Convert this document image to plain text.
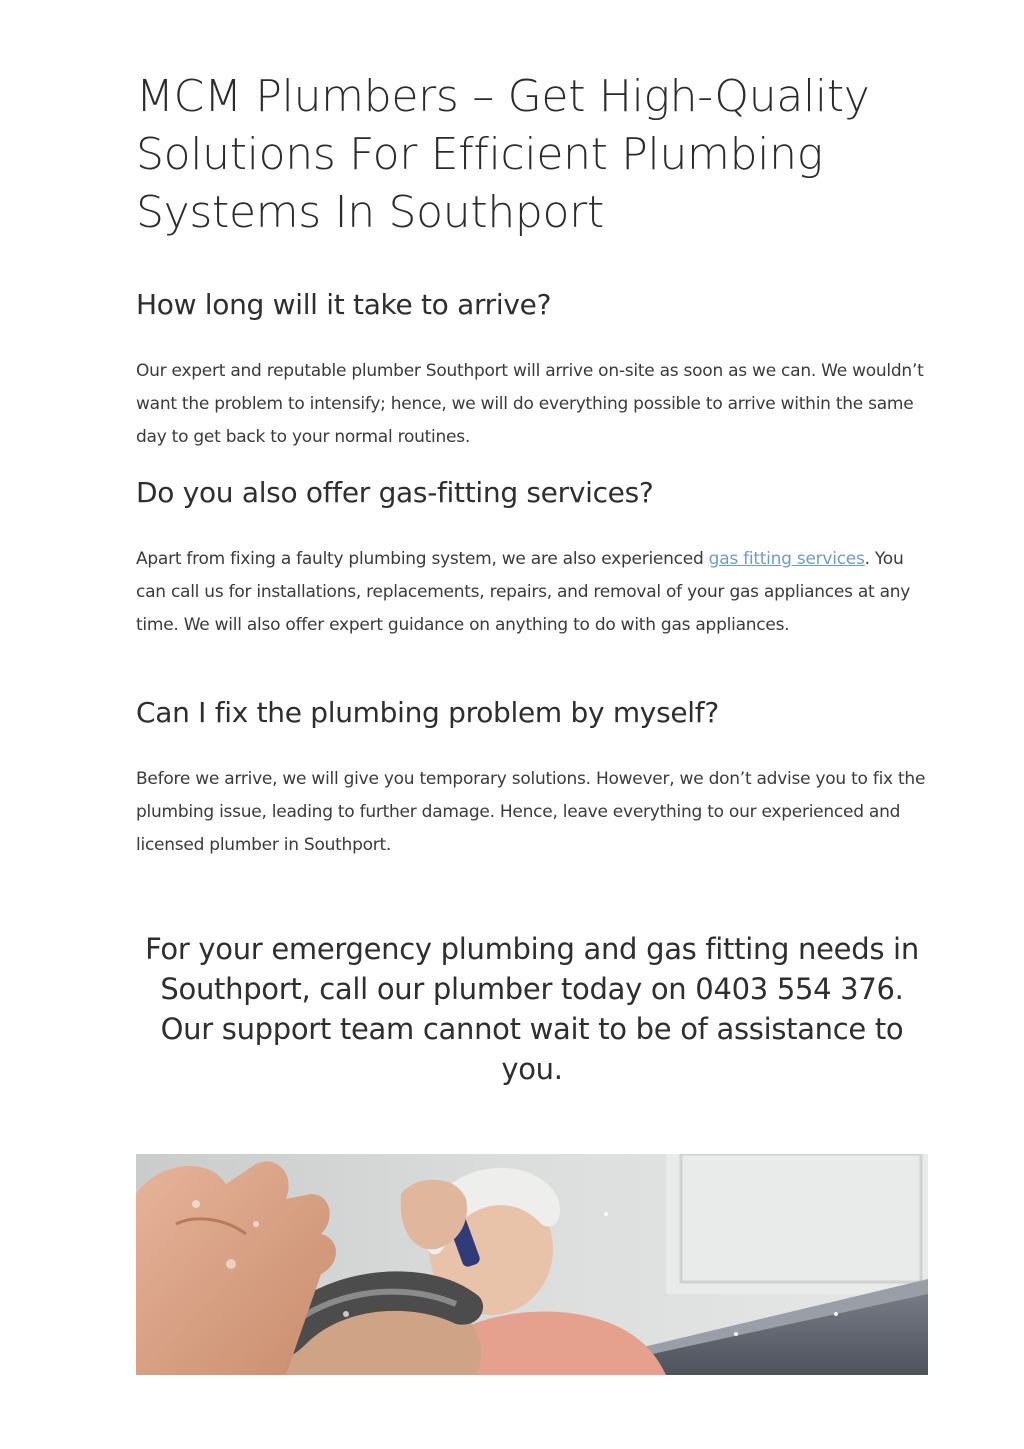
MCM Plumbers – Get High-Quality Solutions For Efficient Plumbing Systems In Southport
How long will it take to arrive?

Our expert and reputable plumber Southport will arrive on-site as soon as we can. We wouldn’t want the problem to intensify; hence, we will do everything possible to arrive within the same day to get back to your normal routines.

Do you also offer gas-fitting services?

Apart from fixing a faulty plumbing system, we are also experienced gas fitting services. You can call us for installations, replacements, repairs, and removal of your gas appliances at any time. We will also offer expert guidance on anything to do with gas appliances.

Can I fix the plumbing problem by myself?

Before we arrive, we will give you temporary solutions. However, we don’t advise you to fix the plumbing issue, leading to further damage. Hence, leave everything to our experienced and licensed plumber in Southport.

For your emergency plumbing and gas fitting needs in Southport, call our plumber today on 0403 554 376. Our support team cannot wait to be of assistance to you.
